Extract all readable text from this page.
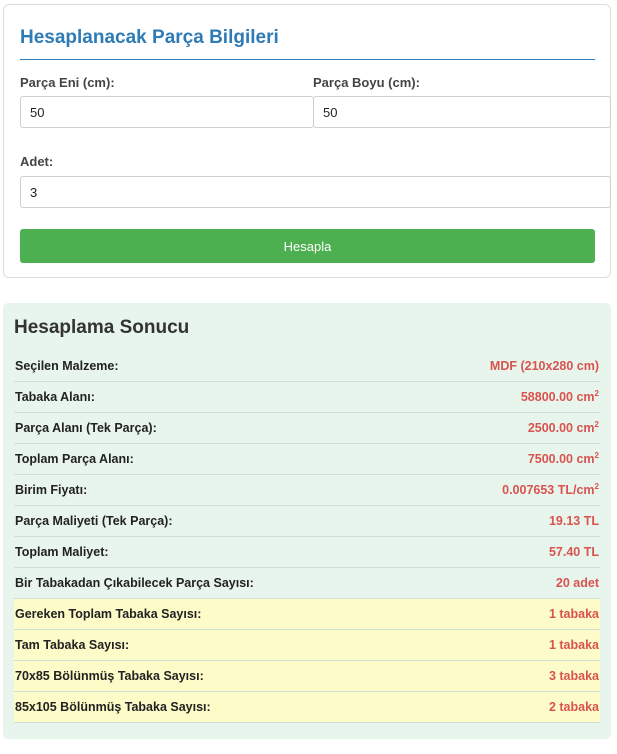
Hesaplanacak Parça Bilgileri
Parça Eni (cm):
50	Parça Boyu (cm):
50
Adet:
3
Hesapla
Hesaplama Sonucu
Seçilen Malzeme:	MDF (210x280 cm)
Tabaka Alanı:	58800.00 $cm^2$
Parça Alanı (Tek Parça):	2500.00 $cm^2$
Toplam Parça Alanı:	7500.00 $cm^2$
Birim Fiyatı:	0.007653 $TL/cm^2$
Parça Maliyeti (Tek Parça):	19.13 TL
Toplam Maliyet:	57.40 TL
Bir Tabakadan Çıkabilecek Parça Sayısı:	20 adet
Gereken Toplam Tabaka Sayısı:	1 tabaka
Tam Tabaka Sayısı:	1 tabaka
70x85 Bölünmüş Tabaka Sayısı:	3 tabaka
85x105 Bölünmüş Tabaka Sayısı:	2 tabaka
